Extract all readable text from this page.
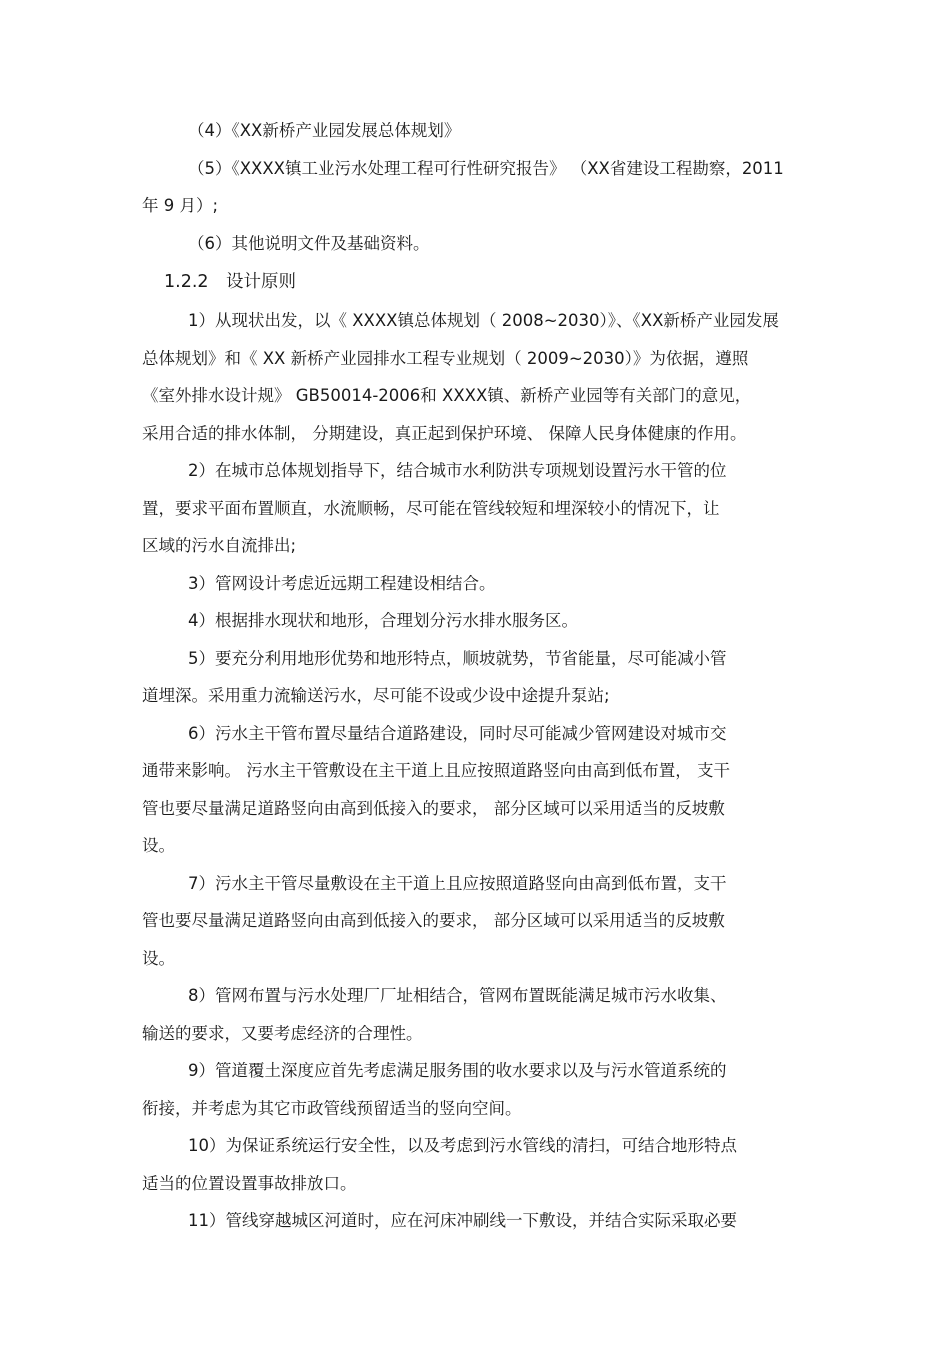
（4）《XX新桥产业园发展总体规划》

（5）《XXXX镇工业污水处理工程可行性研究报告》 （XX省建设工程勘察，2011

年 9 月）;

（6）其他说明文件及基础资料。

1.2.2 设计原则

1）从现状出发，以《 XXXX镇总体规划（ 2008~2030）》、《XX新桥产业园发展

总体规划》和《 XX 新桥产业园排水工程专业规划（ 2009~2030）》为依据，遵照

《室外排水设计规》 GB50014-2006和 XXXX镇、新桥产业园等有关部门的意见，

采用合适的排水体制， 分期建设，真正起到保护环境、 保障人民身体健康的作用。

2）在城市总体规划指导下，结合城市水利防洪专项规划设置污水干管的位

置，要求平面布置顺直，水流顺畅，尽可能在管线较短和埋深较小的情况下，让

区域的污水自流排出;

3）管网设计考虑近远期工程建设相结合。

4）根据排水现状和地形，合理划分污水排水服务区。

5）要充分利用地形优势和地形特点，顺坡就势，节省能量，尽可能减小管

道埋深。采用重力流输送污水，尽可能不设或少设中途提升泵站;

6）污水主干管布置尽量结合道路建设，同时尽可能减少管网建设对城市交

通带来影响。 污水主干管敷设在主干道上且应按照道路竖向由高到低布置， 支干

管也要尽量满足道路竖向由高到低接入的要求， 部分区域可以采用适当的反坡敷

设。

7）污水主干管尽量敷设在主干道上且应按照道路竖向由高到低布置，支干

管也要尽量满足道路竖向由高到低接入的要求， 部分区域可以采用适当的反坡敷

设。

8）管网布置与污水处理厂厂址相结合，管网布置既能满足城市污水收集、

输送的要求，又要考虑经济的合理性。

9）管道覆土深度应首先考虑满足服务围的收水要求以及与污水管道系统的

衔接，并考虑为其它市政管线预留适当的竖向空间。

10）为保证系统运行安全性，以及考虑到污水管线的清扫，可结合地形特点

适当的位置设置事故排放口。

11）管线穿越城区河道时，应在河床冲刷线一下敷设，并结合实际采取必要
